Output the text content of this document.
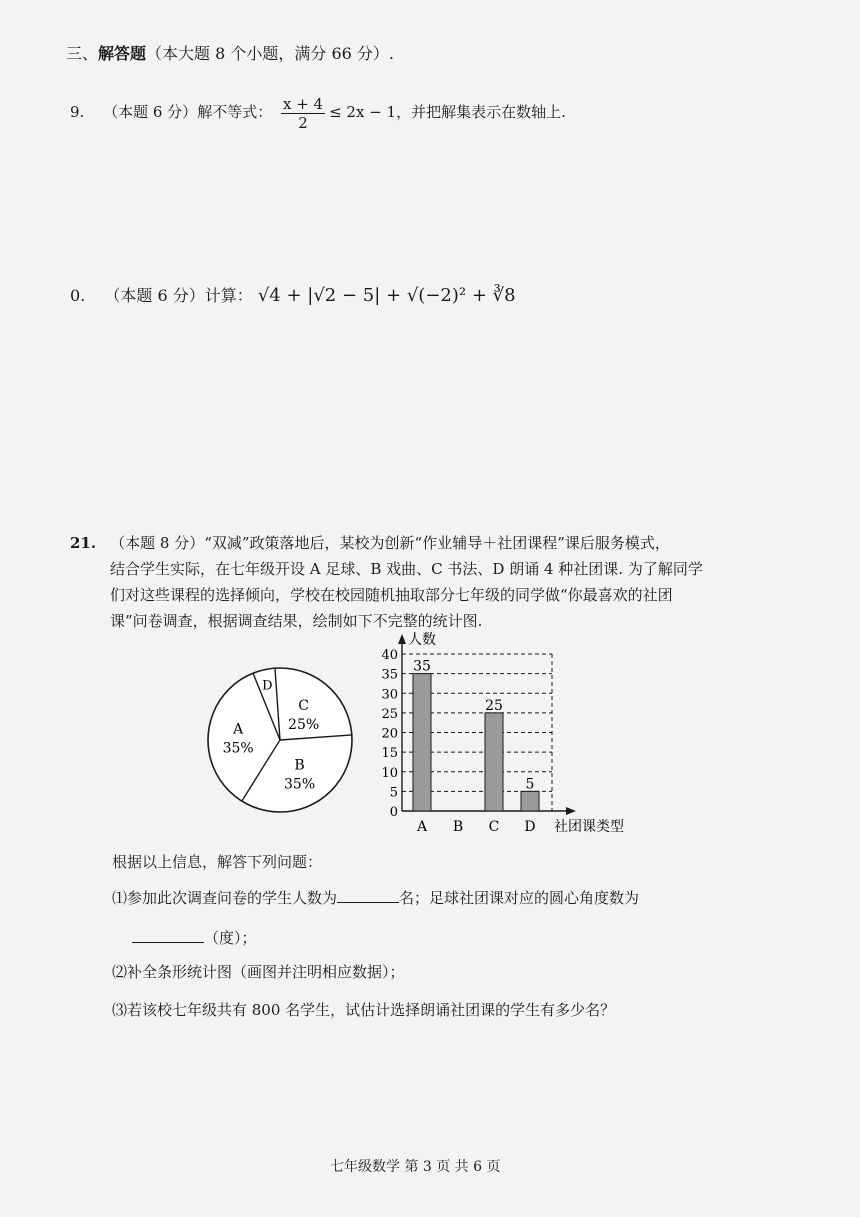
三、解答题（本大题 8 个小题，满分 66 分）.
9. （本题 6 分）解不等式： $\frac{x + 4}{2} \le 2x - 1$，并把解集表示在数轴上.
0. （本题 6 分）计算： √4 + |√2 − 5| + √(−2)² + ∛8
21. （本题 8 分）“双减”政策落地后，某校为创新“作业辅导＋社团课程”课后服务模式，
结合学生实际，在七年级开设 A 足球、B 戏曲、C 书法、D 朗诵 4 种社团课. 为了解同学
们对这些课程的选择倾向，学校在校园随机抽取部分七年级的同学做“你最喜欢的社团
课”问卷调查，根据调查结果，绘制如下不完整的统计图.
D
C
25%
B
35%
A
35%
人数
0
5
10
15
20
25
30
35
40
35
A B
25
C
5
D 社团课类型
根据以上信息，解答下列问题：
⑴参加此次调查问卷的学生人数为	名；足球社团课对应的圆心角度数为
（度）；
⑵补全条形统计图（画图并注明相应数据）；
⑶若该校七年级共有 800 名学生，试估计选择朗诵社团课的学生有多少名？
七年级数学 第 3 页 共 6 页
